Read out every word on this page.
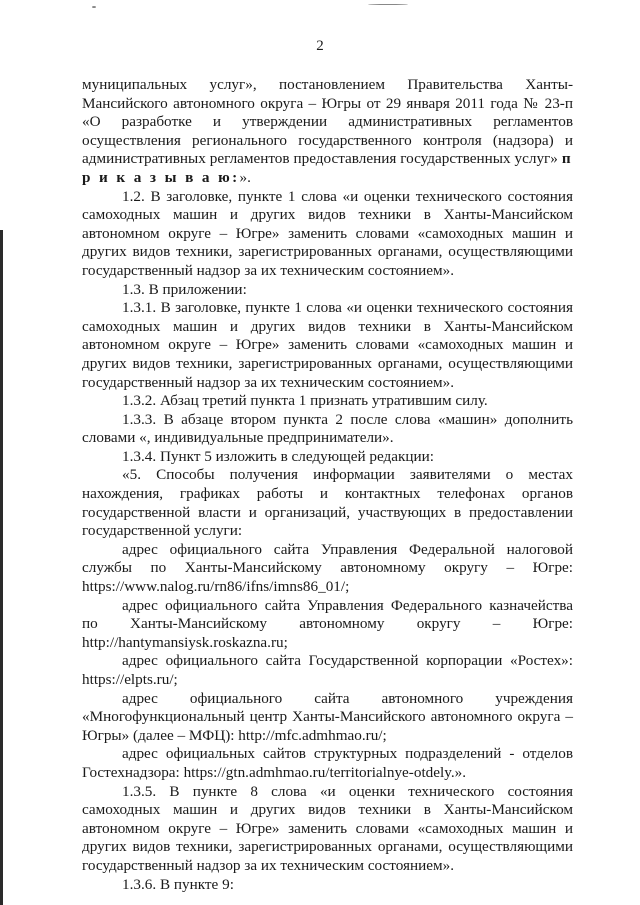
2

муниципальных услуг», постановлением Правительства Ханты-Мансийского автономного округа – Югры от 29 января 2011 года № 23-п «О разработке и утверждении административных регламентов осуществления регионального государственного контроля (надзора) и административных регламентов предоставления государственных услуг» п р и к а з ы в а ю:».

1.2. В заголовке, пункте 1 слова «и оценки технического состояния самоходных машин и других видов техники в Ханты-Мансийском автономном округе – Югре» заменить словами «самоходных машин и других видов техники, зарегистрированных органами, осуществляющими государственный надзор за их техническим состоянием».

1.3. В приложении:

1.3.1. В заголовке, пункте 1 слова «и оценки технического состояния самоходных машин и других видов техники в Ханты-Мансийском автономном округе – Югре» заменить словами «самоходных машин и других видов техники, зарегистрированных органами, осуществляющими государственный надзор за их техническим состоянием».

1.3.2. Абзац третий пункта 1 признать утратившим силу.

1.3.3. В абзаце втором пункта 2 после слова «машин» дополнить словами «, индивидуальные предприниматели».

1.3.4. Пункт 5 изложить в следующей редакции:

«5. Способы получения информации заявителями о местах нахождения, графиках работы и контактных телефонах органов государственной власти и организаций, участвующих в предоставлении государственной услуги:

адрес официального сайта Управления Федеральной налоговой службы по Ханты-Мансийскому автономному округу – Югре: https://www.nalog.ru/rn86/ifns/imns86_01/;

адрес официального сайта Управления Федерального казначейства по Ханты-Мансийскому автономному округу – Югре: http://hantymansiysk.roskazna.ru;

адрес официального сайта Государственной корпорации «Ростех»: https://elpts.ru/;

адрес официального сайта автономного учреждения «Многофункциональный центр Ханты-Мансийского автономного округа – Югры» (далее – МФЦ): http://mfc.admhmao.ru/;

адрес официальных сайтов структурных подразделений - отделов Гостехнадзора: https://gtn.admhmao.ru/territorialnye-otdely.».

1.3.5. В пункте 8 слова «и оценки технического состояния самоходных машин и других видов техники в Ханты-Мансийском автономном округе – Югре» заменить словами «самоходных машин и других видов техники, зарегистрированных органами, осуществляющими государственный надзор за их техническим состоянием».

1.3.6. В пункте 9:
